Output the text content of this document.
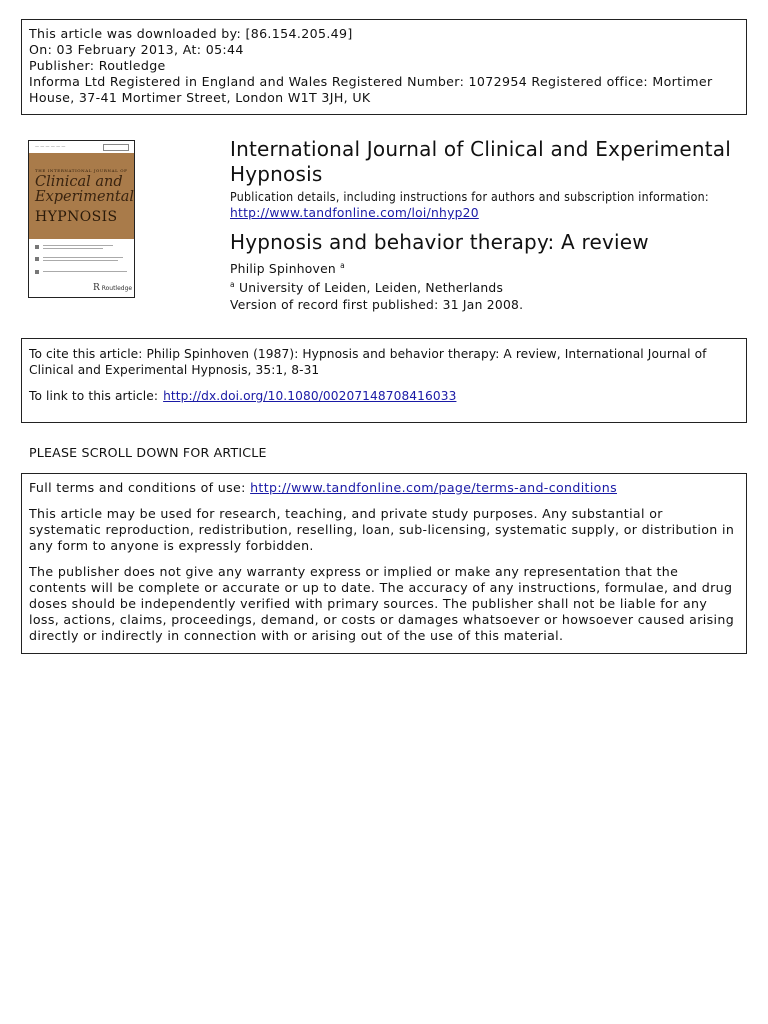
This article was downloaded by: [86.154.205.49]
On: 03 February 2013, At: 05:44
Publisher: Routledge
Informa Ltd Registered in England and Wales Registered Number: 1072954 Registered office: Mortimer
House, 37-41 Mortimer Street, London W1T 3JH, UK
— — — — — —
THE INTERNATIONAL JOURNAL OF
Clinical and
Experimental
HYPNOSIS
R Routledge
International Journal of Clinical and Experimental Hypnosis
Publication details, including instructions for authors and subscription information:
http://www.tandfonline.com/loi/nhyp20
Hypnosis and behavior therapy: A review
Philip Spinhoven $^a$
$^a$ University of Leiden, Leiden, Netherlands
Version of record first published: 31 Jan 2008.
To cite this article: Philip Spinhoven (1987): Hypnosis and behavior therapy: A review, International Journal of Clinical and Experimental Hypnosis, 35:1, 8-31
To link to this article: http://dx.doi.org/10.1080/00207148708416033
PLEASE SCROLL DOWN FOR ARTICLE

Full terms and conditions of use: http://www.tandfonline.com/page/terms-and-conditions

This article may be used for research, teaching, and private study purposes. Any substantial or systematic reproduction, redistribution, reselling, loan, sub-licensing, systematic supply, or distribution in any form to anyone is expressly forbidden.

The publisher does not give any warranty express or implied or make any representation that the contents will be complete or accurate or up to date. The accuracy of any instructions, formulae, and drug doses should be independently verified with primary sources. The publisher shall not be liable for any loss, actions, claims, proceedings, demand, or costs or damages whatsoever or howsoever caused arising directly or indirectly in connection with or arising out of the use of this material.
